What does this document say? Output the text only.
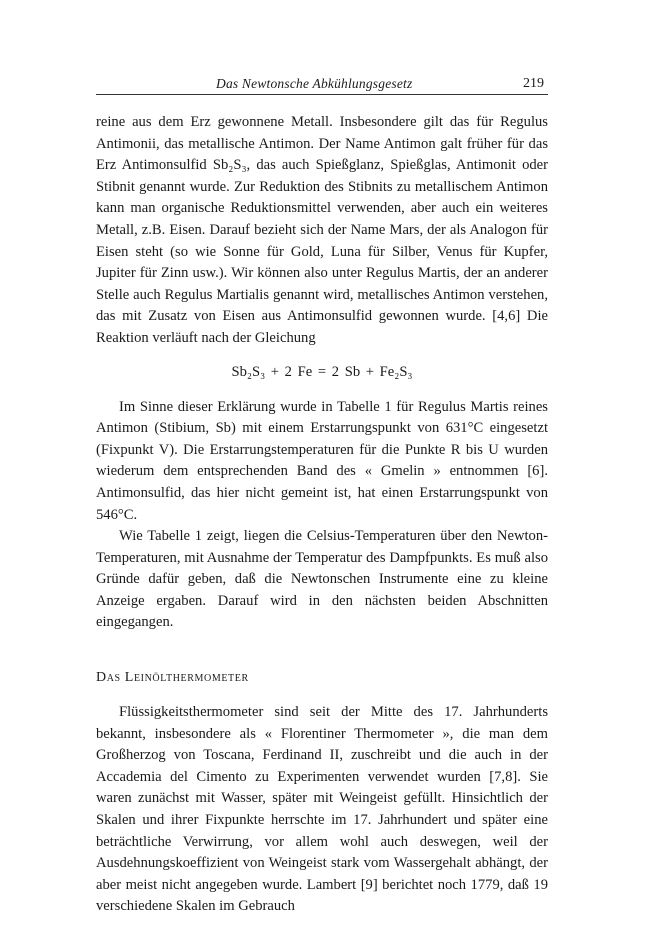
Das Newtonsche Abkühlungsgesetz	219

reine aus dem Erz gewonnene Metall. Insbesondere gilt das für Regulus Antimonii, das metallische Antimon. Der Name Antimon galt früher für das Erz Antimonsulfid Sb₂S₃, das auch Spießglanz, Spießglas, Antimonit oder Stibnit genannt wurde. Zur Reduktion des Stibnits zu metallischem Antimon kann man organische Reduktionsmittel verwenden, aber auch ein weiteres Metall, z.B. Eisen. Darauf bezieht sich der Name Mars, der als Analogon für Eisen steht (so wie Sonne für Gold, Luna für Silber, Venus für Kupfer, Jupiter für Zinn usw.). Wir können also unter Regulus Martis, der an anderer Stelle auch Regulus Martialis genannt wird, metallisches Antimon verstehen, das mit Zusatz von Eisen aus Antimonsulfid gewonnen wurde. [4,6] Die Reaktion verläuft nach der Gleichung

Sb₂S₃ + 2 Fe = 2 Sb + Fe₂S₃

Im Sinne dieser Erklärung wurde in Tabelle 1 für Regulus Martis reines Antimon (Stibium, Sb) mit einem Erstarrungspunkt von 631°C eingesetzt (Fixpunkt V). Die Erstarrungstemperaturen für die Punkte R bis U wurden wiederum dem entsprechenden Band des « Gmelin » entnommen [6]. Antimonsulfid, das hier nicht gemeint ist, hat einen Erstarrungspunkt von 546°C.

Wie Tabelle 1 zeigt, liegen die Celsius-Temperaturen über den Newton-Temperaturen, mit Ausnahme der Temperatur des Dampfpunkts. Es muß also Gründe dafür geben, daß die Newtonschen Instrumente eine zu kleine Anzeige ergaben. Darauf wird in den nächsten beiden Abschnitten eingegangen.

Das Leinölthermometer

Flüssigkeitsthermometer sind seit der Mitte des 17. Jahrhunderts bekannt, insbesondere als « Florentiner Thermometer », die man dem Großherzog von Toscana, Ferdinand II, zuschreibt und die auch in der Accademia del Cimento zu Experimenten verwendet wurden [7,8]. Sie waren zunächst mit Wasser, später mit Weingeist gefüllt. Hinsichtlich der Skalen und ihrer Fixpunkte herrschte im 17. Jahrhundert und später eine beträchtliche Verwirrung, vor allem wohl auch deswegen, weil der Ausdehnungskoeffizient von Weingeist stark vom Wassergehalt abhängt, der aber meist nicht angegeben wurde. Lambert [9] berichtet noch 1779, daß 19 verschiedene Skalen im Gebrauch
